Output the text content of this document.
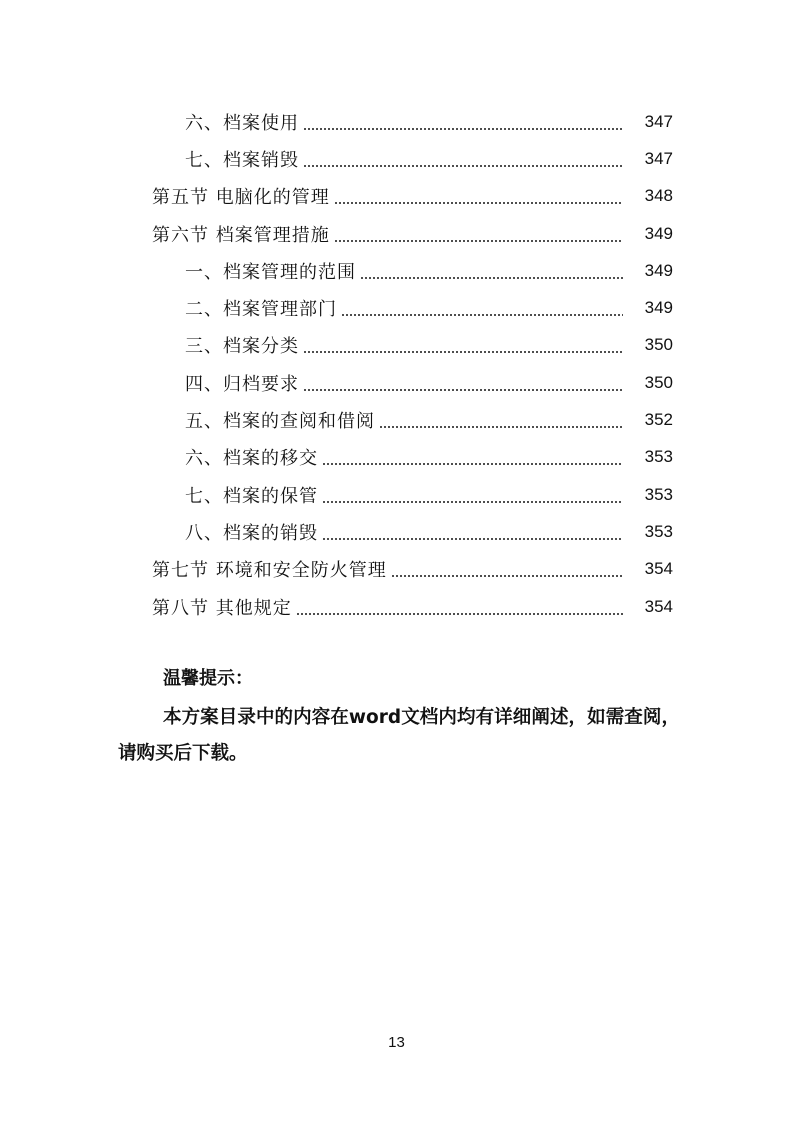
六、档案使用	347
七、档案销毁	347
第五节 电脑化的管理	348
第六节 档案管理措施	349
一、档案管理的范围	349
二、档案管理部门	349
三、档案分类	350
四、归档要求	350
五、档案的查阅和借阅	352
六、档案的移交	353
七、档案的保管	353
八、档案的销毁	353
第七节 环境和安全防火管理	354
第八节 其他规定	354
温馨提示：
本方案目录中的内容在word文档内均有详细阐述，如需查阅，请购买后下载。
13
